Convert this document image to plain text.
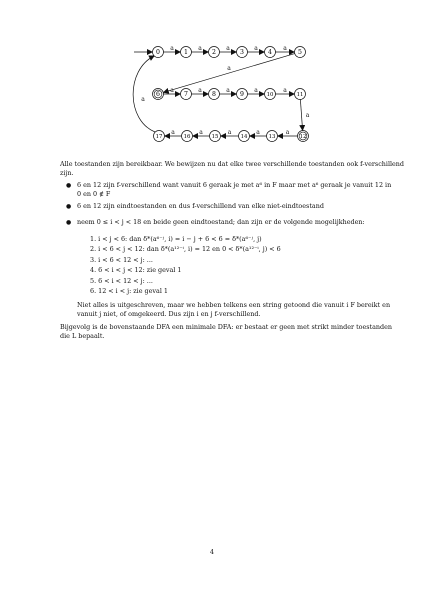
a	a	a	a	a
a
a	a	a	a	a
a
a
a
a
a
a
a
0	1	2	3	4	5
6	7	8	9	10	11
12
13
14
15
16
17
Alle toestanden zijn bereikbaar. We bewijzen nu dat elke twee verschillende toestanden ook f-verschillend
zijn.
● 6 en 12 zijn f-verschillend want vanuit 6 geraak je met a⁶ in F maar met a⁶ geraak je vanuit 12 in
0 en 0 ∉ F
● 6 en 12 zijn eindtoestanden en dus f-verschillend van elke niet-eindtoestand
● neem 0 ≤ i < j < 18 en beide geen eindtoestand; dan zijn er de volgende mogelijkheden:
1. i < j < 6: dan δ*(a⁶⁻ʲ, i) = i − j + 6 < 6 = δ*(a⁶⁻ʲ, j)
2. i < 6 < j < 12: dan δ*(a¹²⁻ⁱ, i) = 12 en 0 < δ*(a¹²⁻ⁱ, j) < 6
3. i < 6 < 12 < j: ...
4. 6 < i < j < 12: zie geval 1
5. 6 < i < 12 < j: ...
6. 12 < i < j: zie geval 1
Niet alles is uitgeschreven, maar we hebben telkens een string getoond die vanuit i F bereikt en
vanuit j niet, of omgekeerd. Dus zijn i en j f-verschillend.
Bijgevolg is de bovenstaande DFA een minimale DFA: er bestaat er geen met strikt minder toestanden
die L bepaalt.
4
